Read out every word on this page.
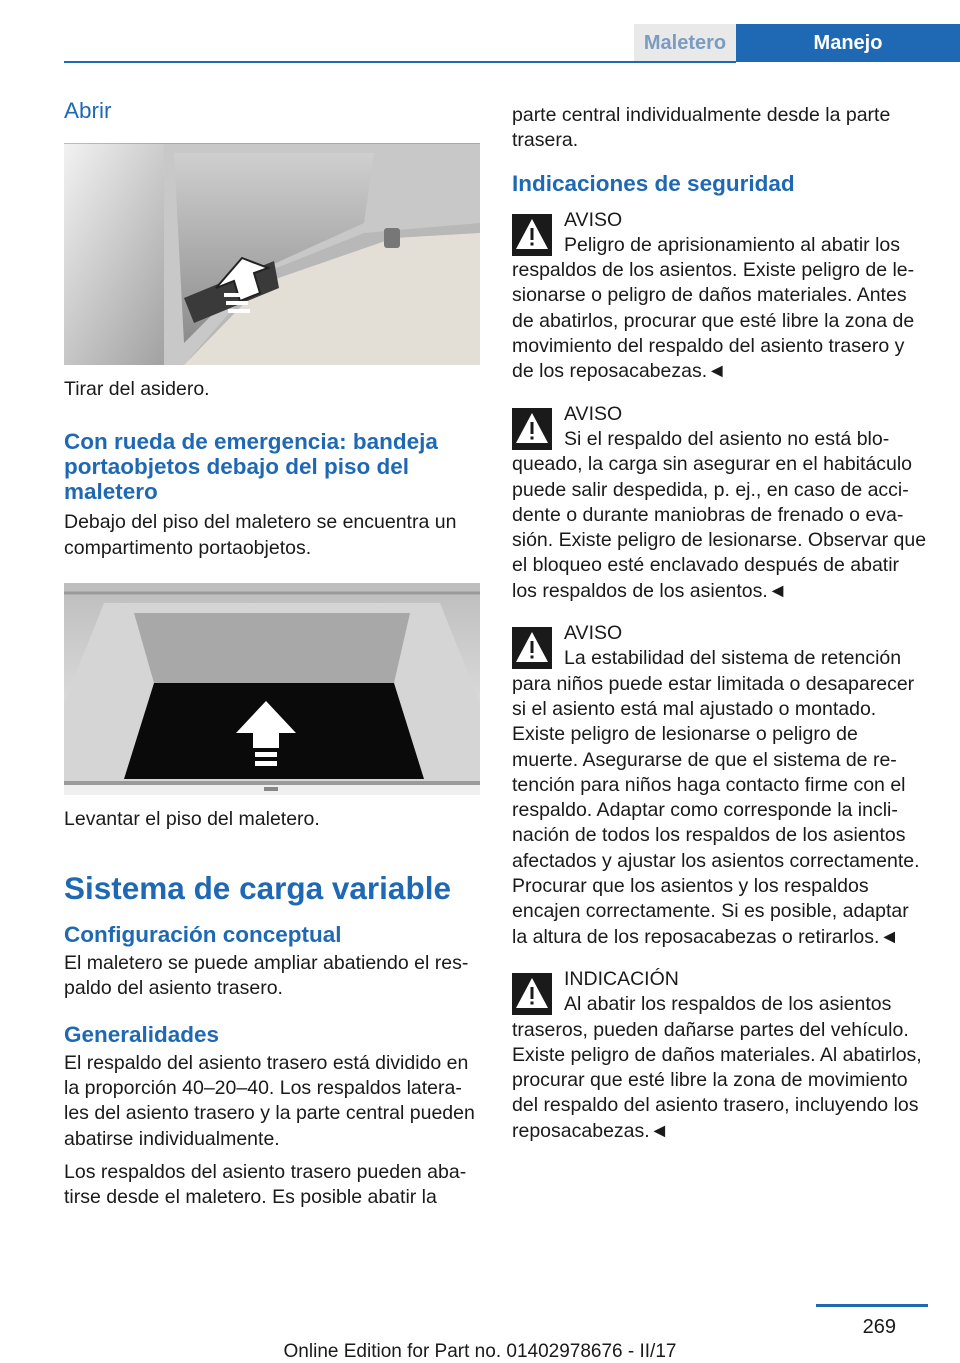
Maletero	Manejo
Abrir

Tirar del asidero.

Con rueda de emergencia: bandeja portaobjetos debajo del piso del maletero

Debajo del piso del maletero se encuentra un compartimento portaobjetos.

Levantar el piso del maletero.

Sistema de carga variable
Configuración conceptual

El maletero se puede ampliar abatiendo el respaldo del asiento trasero.

Generalidades

El respaldo del asiento trasero está dividido en la proporción 40–20–40. Los respaldos laterales del asiento trasero y la parte central pueden abatirse individualmente.

Los respaldos del asiento trasero pueden abatirse desde el maletero. Es posible abatir la

parte central individualmente desde la parte trasera.

Indicaciones de seguridad

AVISO

Peligro de aprisionamiento al abatir los respaldos de los asientos. Existe peligro de lesionarse o peligro de daños materiales. Antes de abatirlos, procurar que esté libre la zona de movimiento del respaldo del asiento trasero y de los reposacabezas.◄

AVISO

Si el respaldo del asiento no está bloqueado, la carga sin asegurar en el habitáculo puede salir despedida, p. ej., en caso de accidente o durante maniobras de frenado o evasión. Existe peligro de lesionarse. Observar que el bloqueo esté enclavado después de abatir los respaldos de los asientos.◄

AVISO

La estabilidad del sistema de retención para niños puede estar limitada o desaparecer si el asiento está mal ajustado o montado. Existe peligro de lesionarse o peligro de muerte. Asegurarse de que el sistema de retención para niños haga contacto firme con el respaldo. Adaptar como corresponde la inclinación de todos los respaldos de los asientos afectados y ajustar los asientos correctamente. Procurar que los asientos y los respaldos encajen correctamente. Si es posible, adaptar la altura de los reposacabezas o retirarlos.◄

INDICACIÓN

Al abatir los respaldos de los asientos traseros, pueden dañarse partes del vehículo. Existe peligro de daños materiales. Al abatirlos, procurar que esté libre la zona de movimiento del respaldo del asiento trasero, incluyendo los reposacabezas.◄

269
Online Edition for Part no. 01402978676 - II/17
